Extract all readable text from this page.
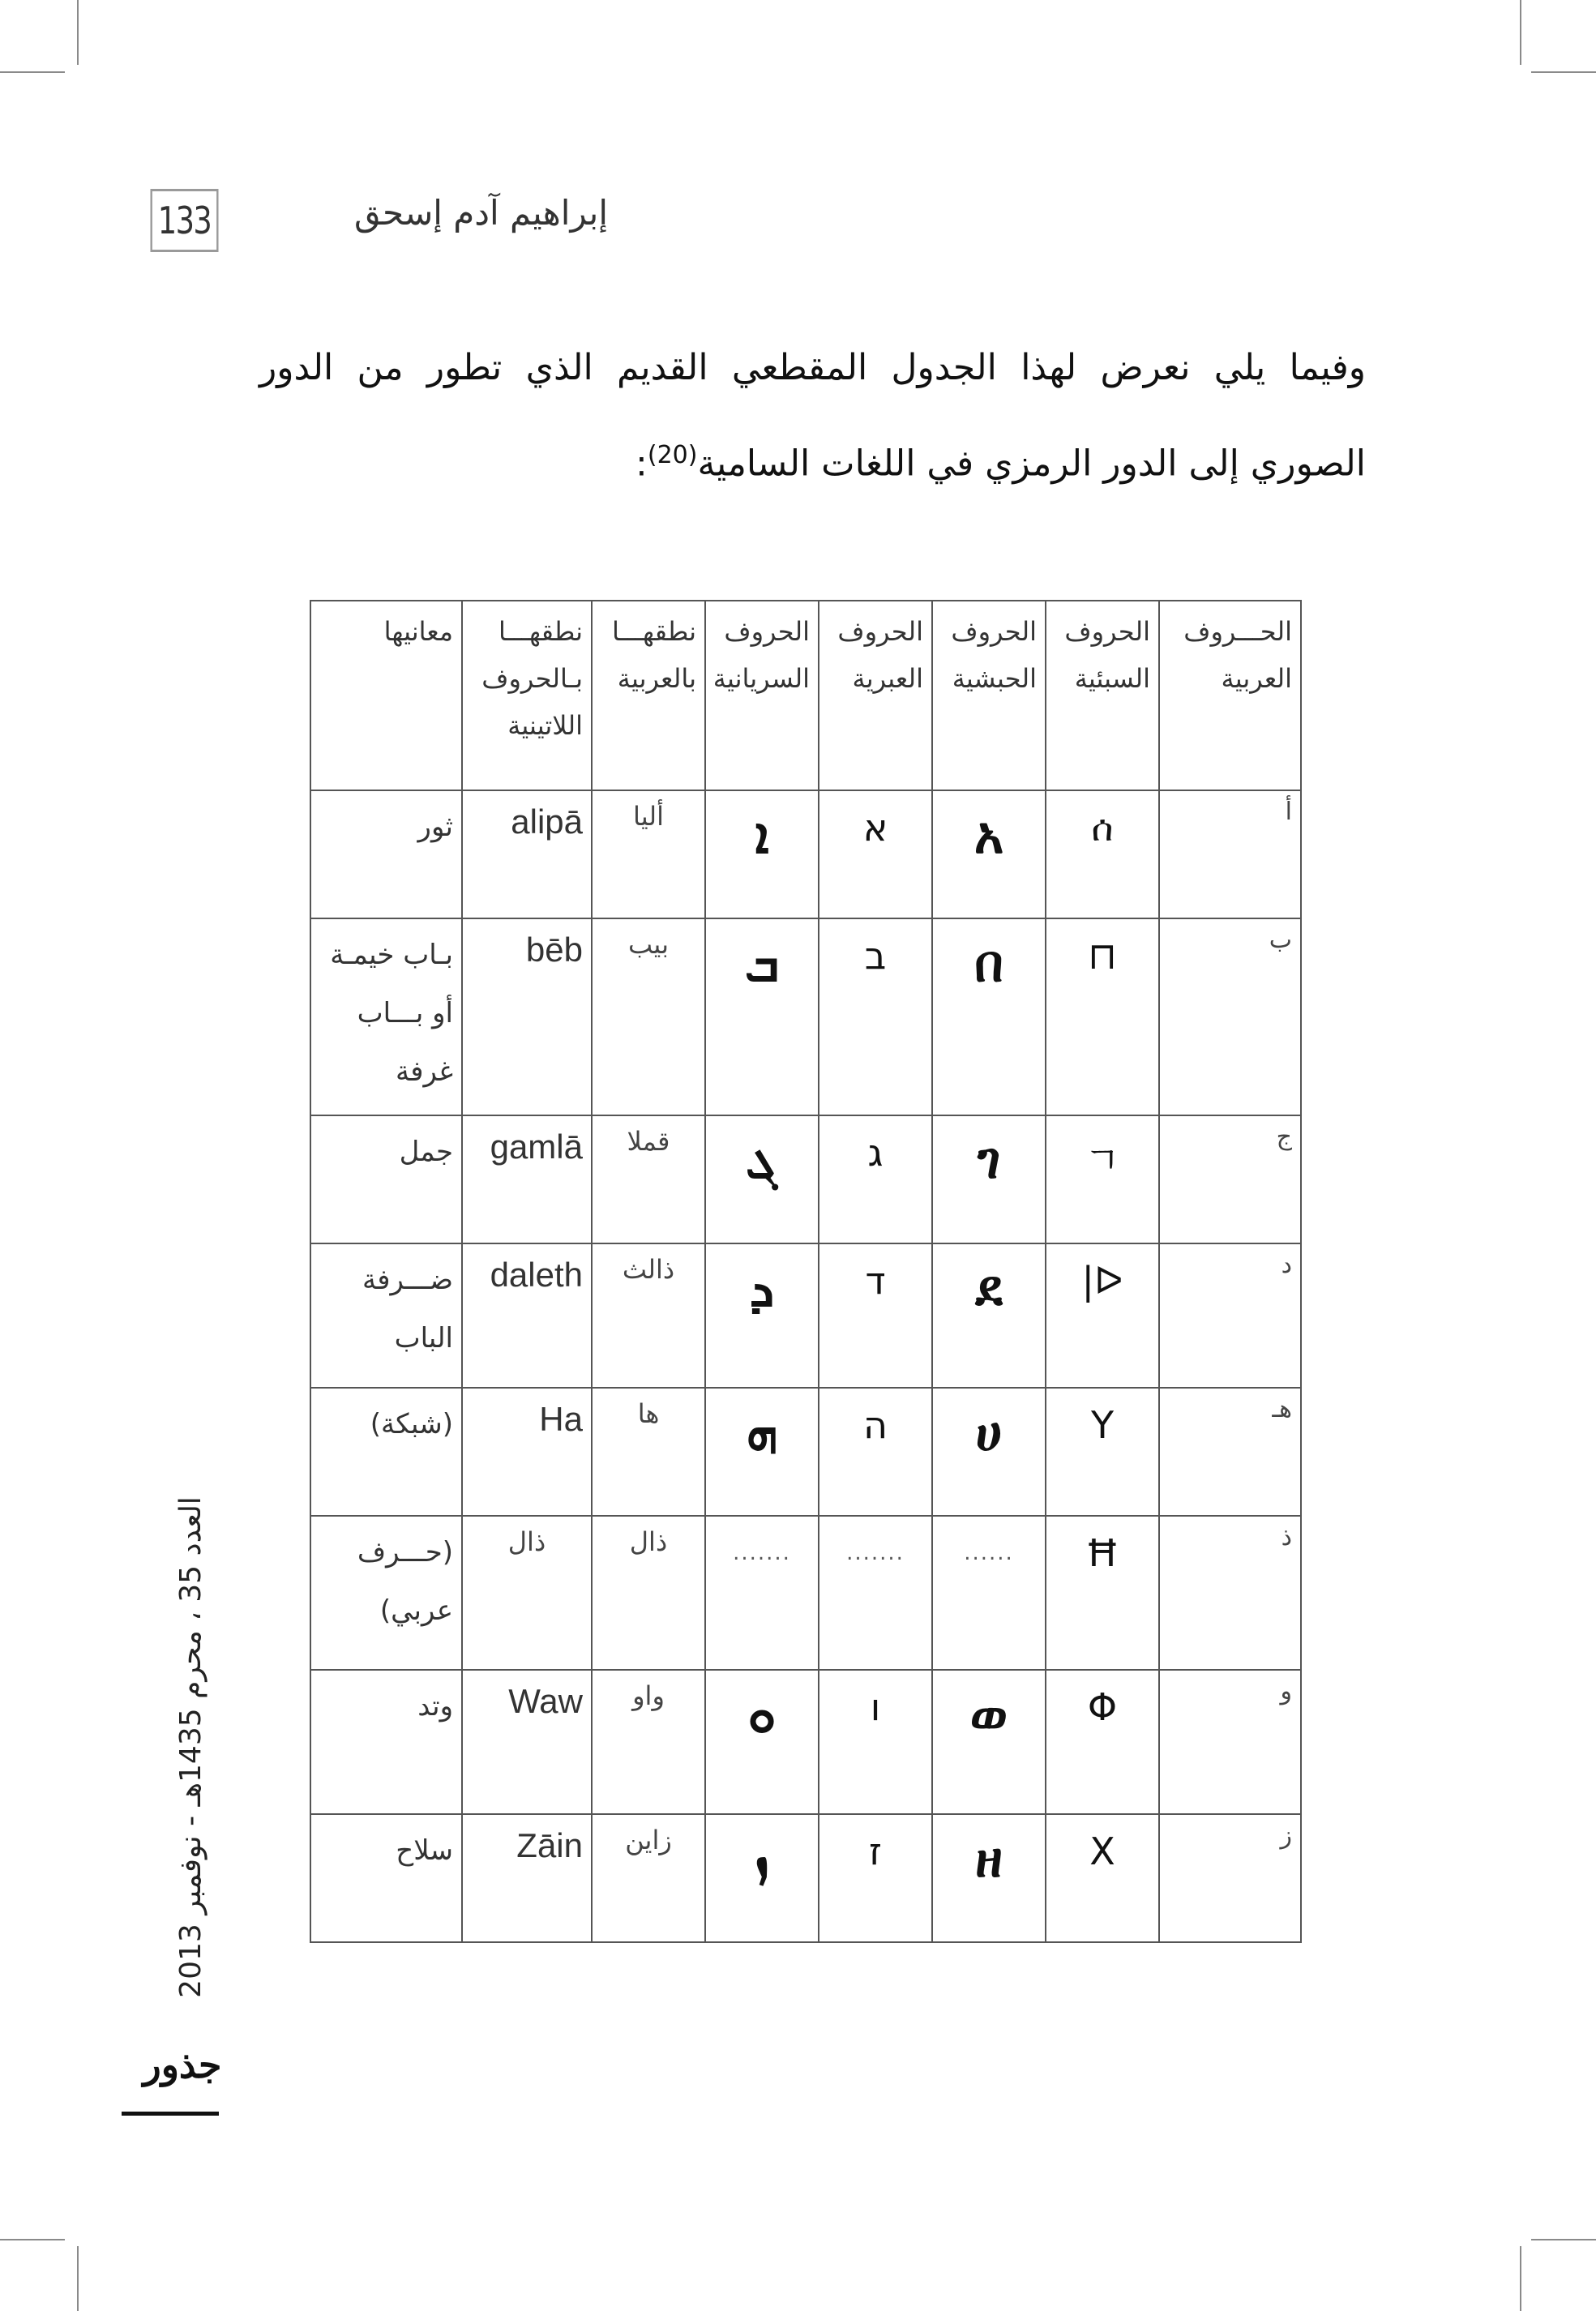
133	إبراهيم آدم إسحق
وفيما يلي نعرض لهذا الجدول المقطعي القديم الذي تطور من الدور الصوري إلى الدور الرمزي في اللغات السامية$^{(20)}$:
العدد 35 ، محرم 1435هـ - نوفمبر 2013
جذور
الحـــروف العربية	الحروف السبئية	الحروف الحبشية	الحروف العبرية	الحروف السريانية	نطقهـــا بالعربية	نطقهـــا بـالحروف اللاتينية	معانيها
أ	ሰ	አ	א	ܐ	أليا	alipā	ثور
ب	⊓	በ	ב	ܒ	بيب	bēb	بـاب خيمـة أو بـــاب غرفة
ج	ㄱ	ገ	ג	ܓ	قملا	gamlā	جمل
د	ᐅ|	ደ	ד	ܕ	ذالث	daleth	ضـــرفة الباب
هـ	Y	ሀ	ה	ܗ	ها	Ha	(شبكة)
ذ	Ħ	......	.......	.......	ذال	ذال	(حـــرف عربي)
و	Φ	ወ	ו	ܘ	واو	Waw	وتد
ز	X	ዘ	ז	ܙ	زاين	Zāin	سلاح
